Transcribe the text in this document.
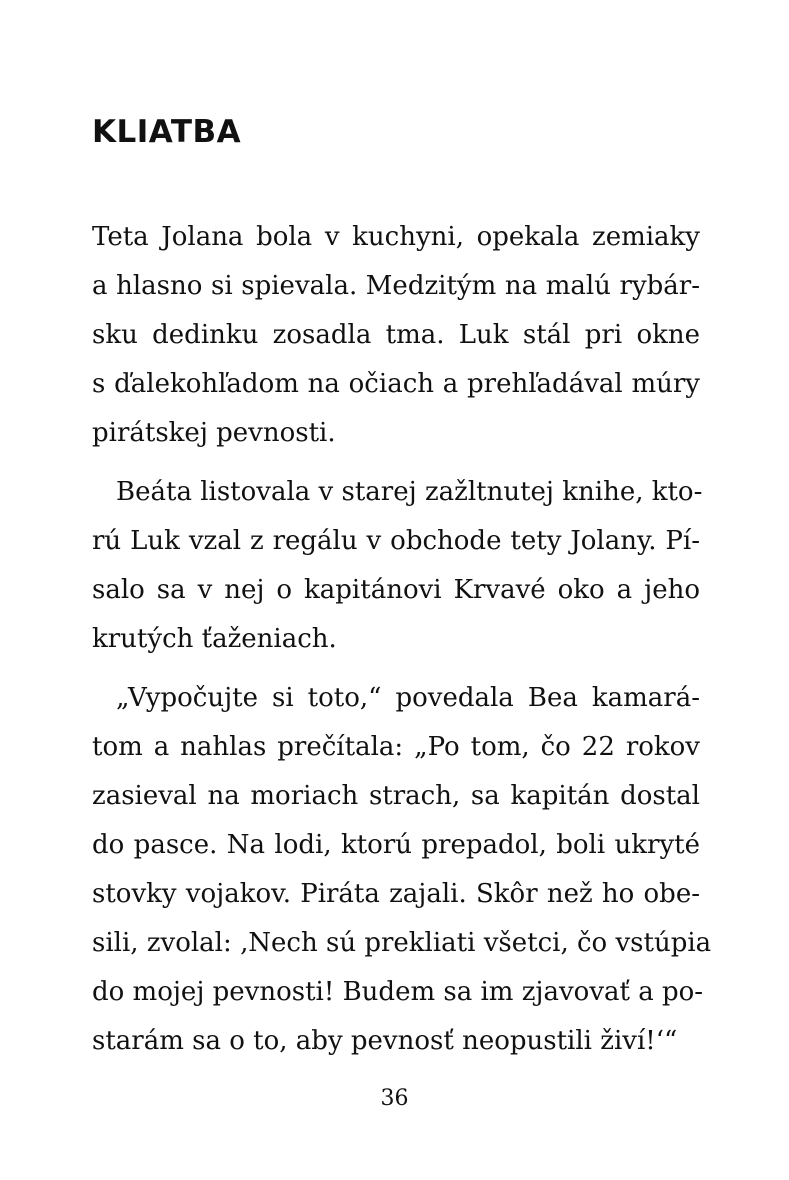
KLIATBA
Teta Jolana bola v kuchyni, opekala zemiaky
a hlasno si spievala. Medzitým na malú rybár-
sku dedinku zosadla tma. Luk stál pri okne
s ďalekohľadom na očiach a prehľadával múry
pirátskej pevnosti.
Beáta listovala v starej zažltnutej knihe, kto-
rú Luk vzal z regálu v obchode tety Jolany. Pí-
salo sa v nej o kapitánovi Krvavé oko a jeho
krutých ťaženiach.
„Vypočujte si toto,“ povedala Bea kamará-
tom a nahlas prečítala: „Po tom, čo 22 rokov
zasieval na moriach strach, sa kapitán dostal
do pasce. Na lodi, ktorú prepadol, boli ukryté
stovky vojakov. Piráta zajali. Skôr než ho obe-
sili, zvolal: ‚Nech sú prekliati všetci, čo vstúpia
do mojej pevnosti! Budem sa im zjavovať a po-
starám sa o to, aby pevnosť neopustili živí!‘“
36
